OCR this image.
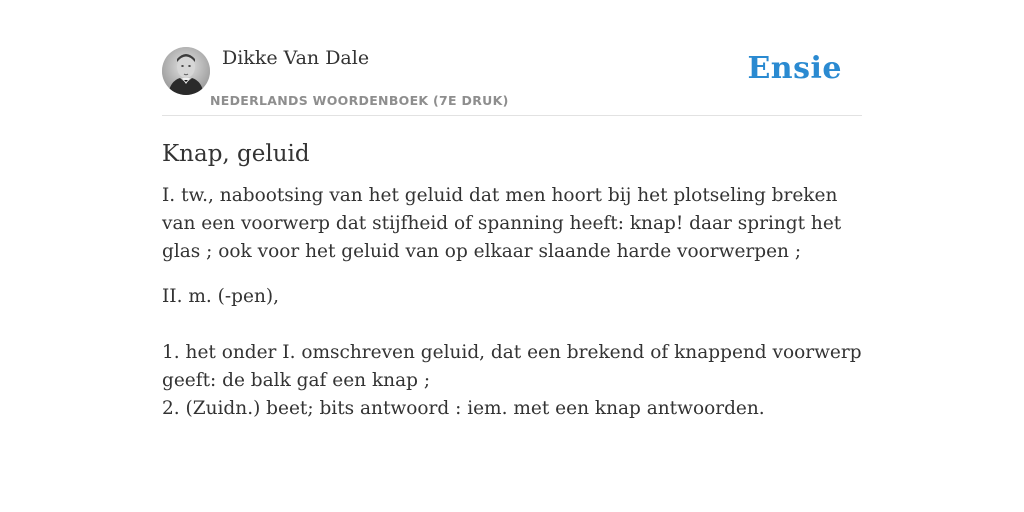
Dikke Van Dale
NEDERLANDS WOORDENBOEK (7E DRUK)
Ensie
Knap, geluid

I. tw., nabootsing van het geluid dat men hoort bij het plotseling breken van een voorwerp dat stijfheid of spanning heeft: knap! daar springt het glas ; ook voor het geluid van op elkaar slaande harde voorwerpen ;

II. m. (-pen),

1. het onder I. omschreven geluid, dat een brekend of knappend voorwerp geeft: de balk gaf een knap ;
2. (Zuidn.) beet; bits antwoord : iem. met een knap antwoorden.
